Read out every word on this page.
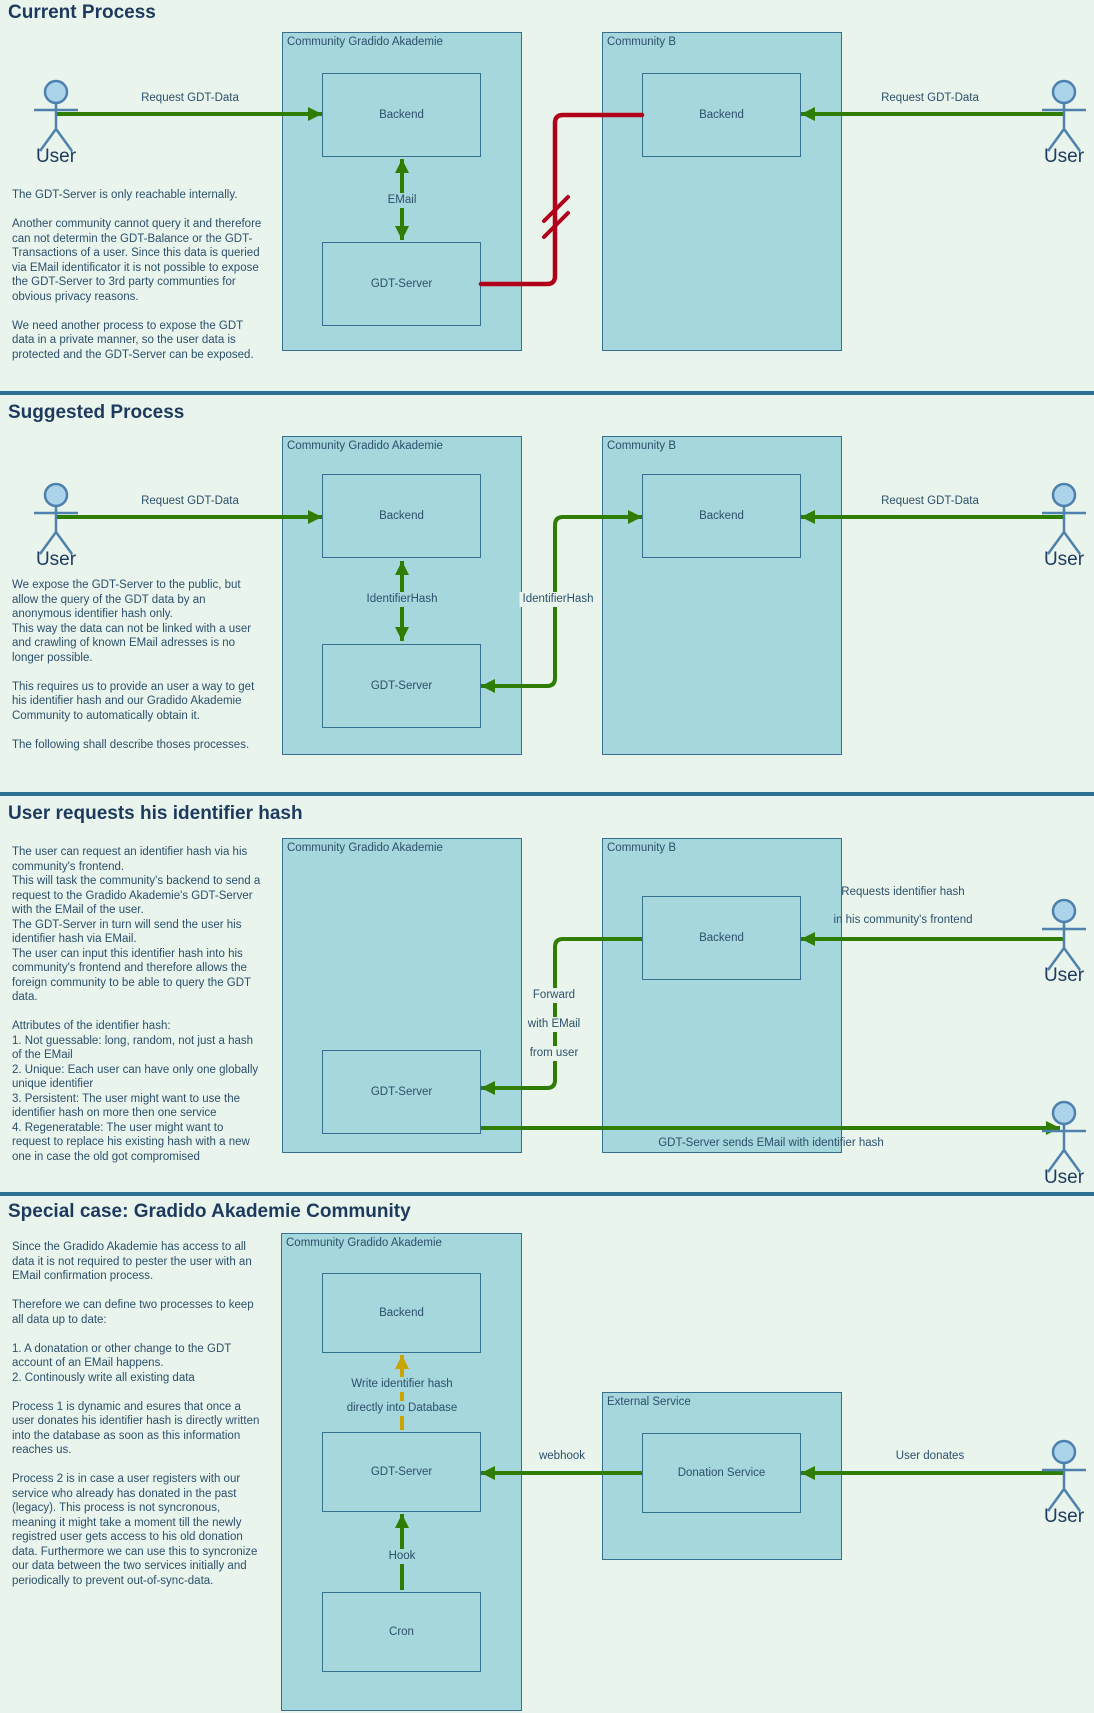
Current Process
Community Gradido Akademie	Community B
Backend
GDT-Server
Backend
Request GDT-Data	Request GDT-Data
EMail
User	User

The GDT-Server is only reachable internally.

Another community cannot query it and therefore can not determin the GDT-Balance or the GDT-Transactions of a user. Since this data is queried via EMail identificator it is not possible to expose the GDT-Server to 3rd party communties for obvious privacy reasons.

We need another process to expose the GDT data in a private manner, so the user data is protected and the GDT-Server can be exposed.

Suggested Process
Community Gradido Akademie	Community B
Backend
GDT-Server
Backend
Request GDT-Data	Request GDT-Data
IdentifierHash	IdentifierHash
User	User

We expose the GDT-Server to the public, but allow the query of the GDT data by an anonymous identifier hash only.

This way the data can not be linked with a user and crawling of known EMail adresses is no longer possible.

This requires us to provide an user a way to get his identifier hash and our Gradido Akademie Community to automatically obtain it.

The following shall describe thoses processes.

User requests his identifier hash
Community Gradido Akademie	Community B
GDT-Server
Backend
Requests identifier hash
in his community's frontend
Forward
with EMail
from user
GDT-Server sends EMail with identifier hash
User
User

The user can request an identifier hash via his community's frontend.

This will task the community's backend to send a request to the Gradido Akademie's GDT-Server with the EMail of the user.

The GDT-Server in turn will send the user his identifier hash via EMail.

The user can input this identifier hash into his community's frontend and therefore allows the foreign community to be able to query the GDT data.

Attributes of the identifier hash:

1. Not guessable: long, random, not just a hash of the EMail

2. Unique: Each user can have only one globally unique identifier

3. Persistent: The user might want to use the identifier hash on more then one service

4. Regeneratable: The user might want to request to replace his existing hash with a new one in case the old got compromised

Special case: Gradido Akademie Community
Community Gradido Akademie
External Service
Backend
GDT-Server
Cron
Donation Service
Write identifier hash
directly into Database
Hook
webhook	User donates
User

Since the Gradido Akademie has access to all data it is not required to pester the user with an EMail confirmation process.

Therefore we can define two processes to keep all data up to date:

1. A donatation or other change to the GDT account of an EMail happens.

2. Continously write all existing data

Process 1 is dynamic and esures that once a user donates his identifier hash is directly written into the database as soon as this information reaches us.

Process 2 is in case a user registers with our service who already has donated in the past (legacy). This process is not syncronous, meaning it might take a moment till the newly registred user gets access to his old donation data. Furthermore we can use this to syncronize our data between the two services initially and periodically to prevent out-of-sync-data.
